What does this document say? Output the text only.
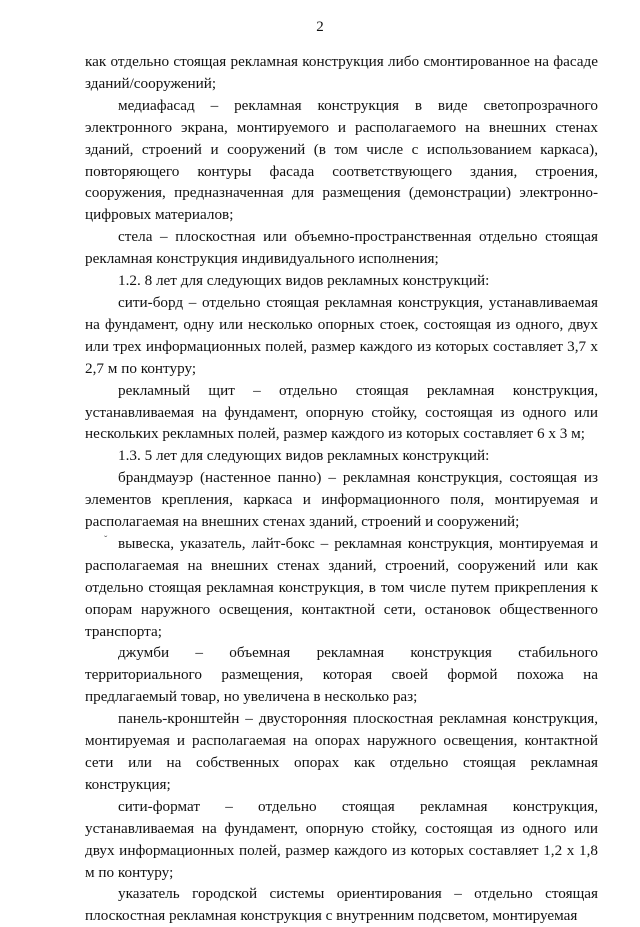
2

как отдельно стоящая рекламная конструкция либо смонтированное на фасаде зданий/сооружений;

медиафасад – рекламная конструкция в виде светопрозрачного электронного экрана, монтируемого и располагаемого на внешних стенах зданий, строений и сооружений (в том числе с использованием каркаса), повторяющего контуры фасада соответствующего здания, строения, сооружения, предназначенная для размещения (демонстрации) электронно-цифровых материалов;

стела – плоскостная или объемно-пространственная отдельно стоящая рекламная конструкция индивидуального исполнения;

1.2. 8 лет для следующих видов рекламных конструкций:

сити-борд – отдельно стоящая рекламная конструкция, устанавливаемая на фундамент, одну или несколько опорных стоек, состоящая из одного, двух или трех информационных полей, размер каждого из которых составляет 3,7 х 2,7 м по контуру;

рекламный щит – отдельно стоящая рекламная конструкция, устанавливаемая на фундамент, опорную стойку, состоящая из одного или нескольких рекламных полей, размер каждого из которых составляет 6 х 3 м;

1.3. 5 лет для следующих видов рекламных конструкций:

брандмауэр (настенное панно) – рекламная конструкция, состоящая из элементов крепления, каркаса и информационного поля, монтируемая и располагаемая на внешних стенах зданий, строений и сооружений;

вывеска, указатель, лайт-бокс – рекламная конструкция, монтируемая и располагаемая на внешних стенах зданий, строений, сооружений или как отдельно стоящая рекламная конструкция, в том числе путем прикрепления к опорам наружного освещения, контактной сети, остановок общественного транспорта;

джумби – объемная рекламная конструкция стабильного территориального размещения, которая своей формой похожа на предлагаемый товар, но увеличена в несколько раз;

панель-кронштейн – двусторонняя плоскостная рекламная конструкция, монтируемая и располагаемая на опорах наружного освещения, контактной сети или на собственных опорах как отдельно стоящая рекламная конструкция;

сити-формат – отдельно стоящая рекламная конструкция, устанавливаемая на фундамент, опорную стойку, состоящая из одного или двух информационных полей, размер каждого из которых составляет 1,2 х 1,8 м по контуру;

указатель городской системы ориентирования – отдельно стоящая плоскостная рекламная конструкция с внутренним подсветом, монтируемая

ˇ
